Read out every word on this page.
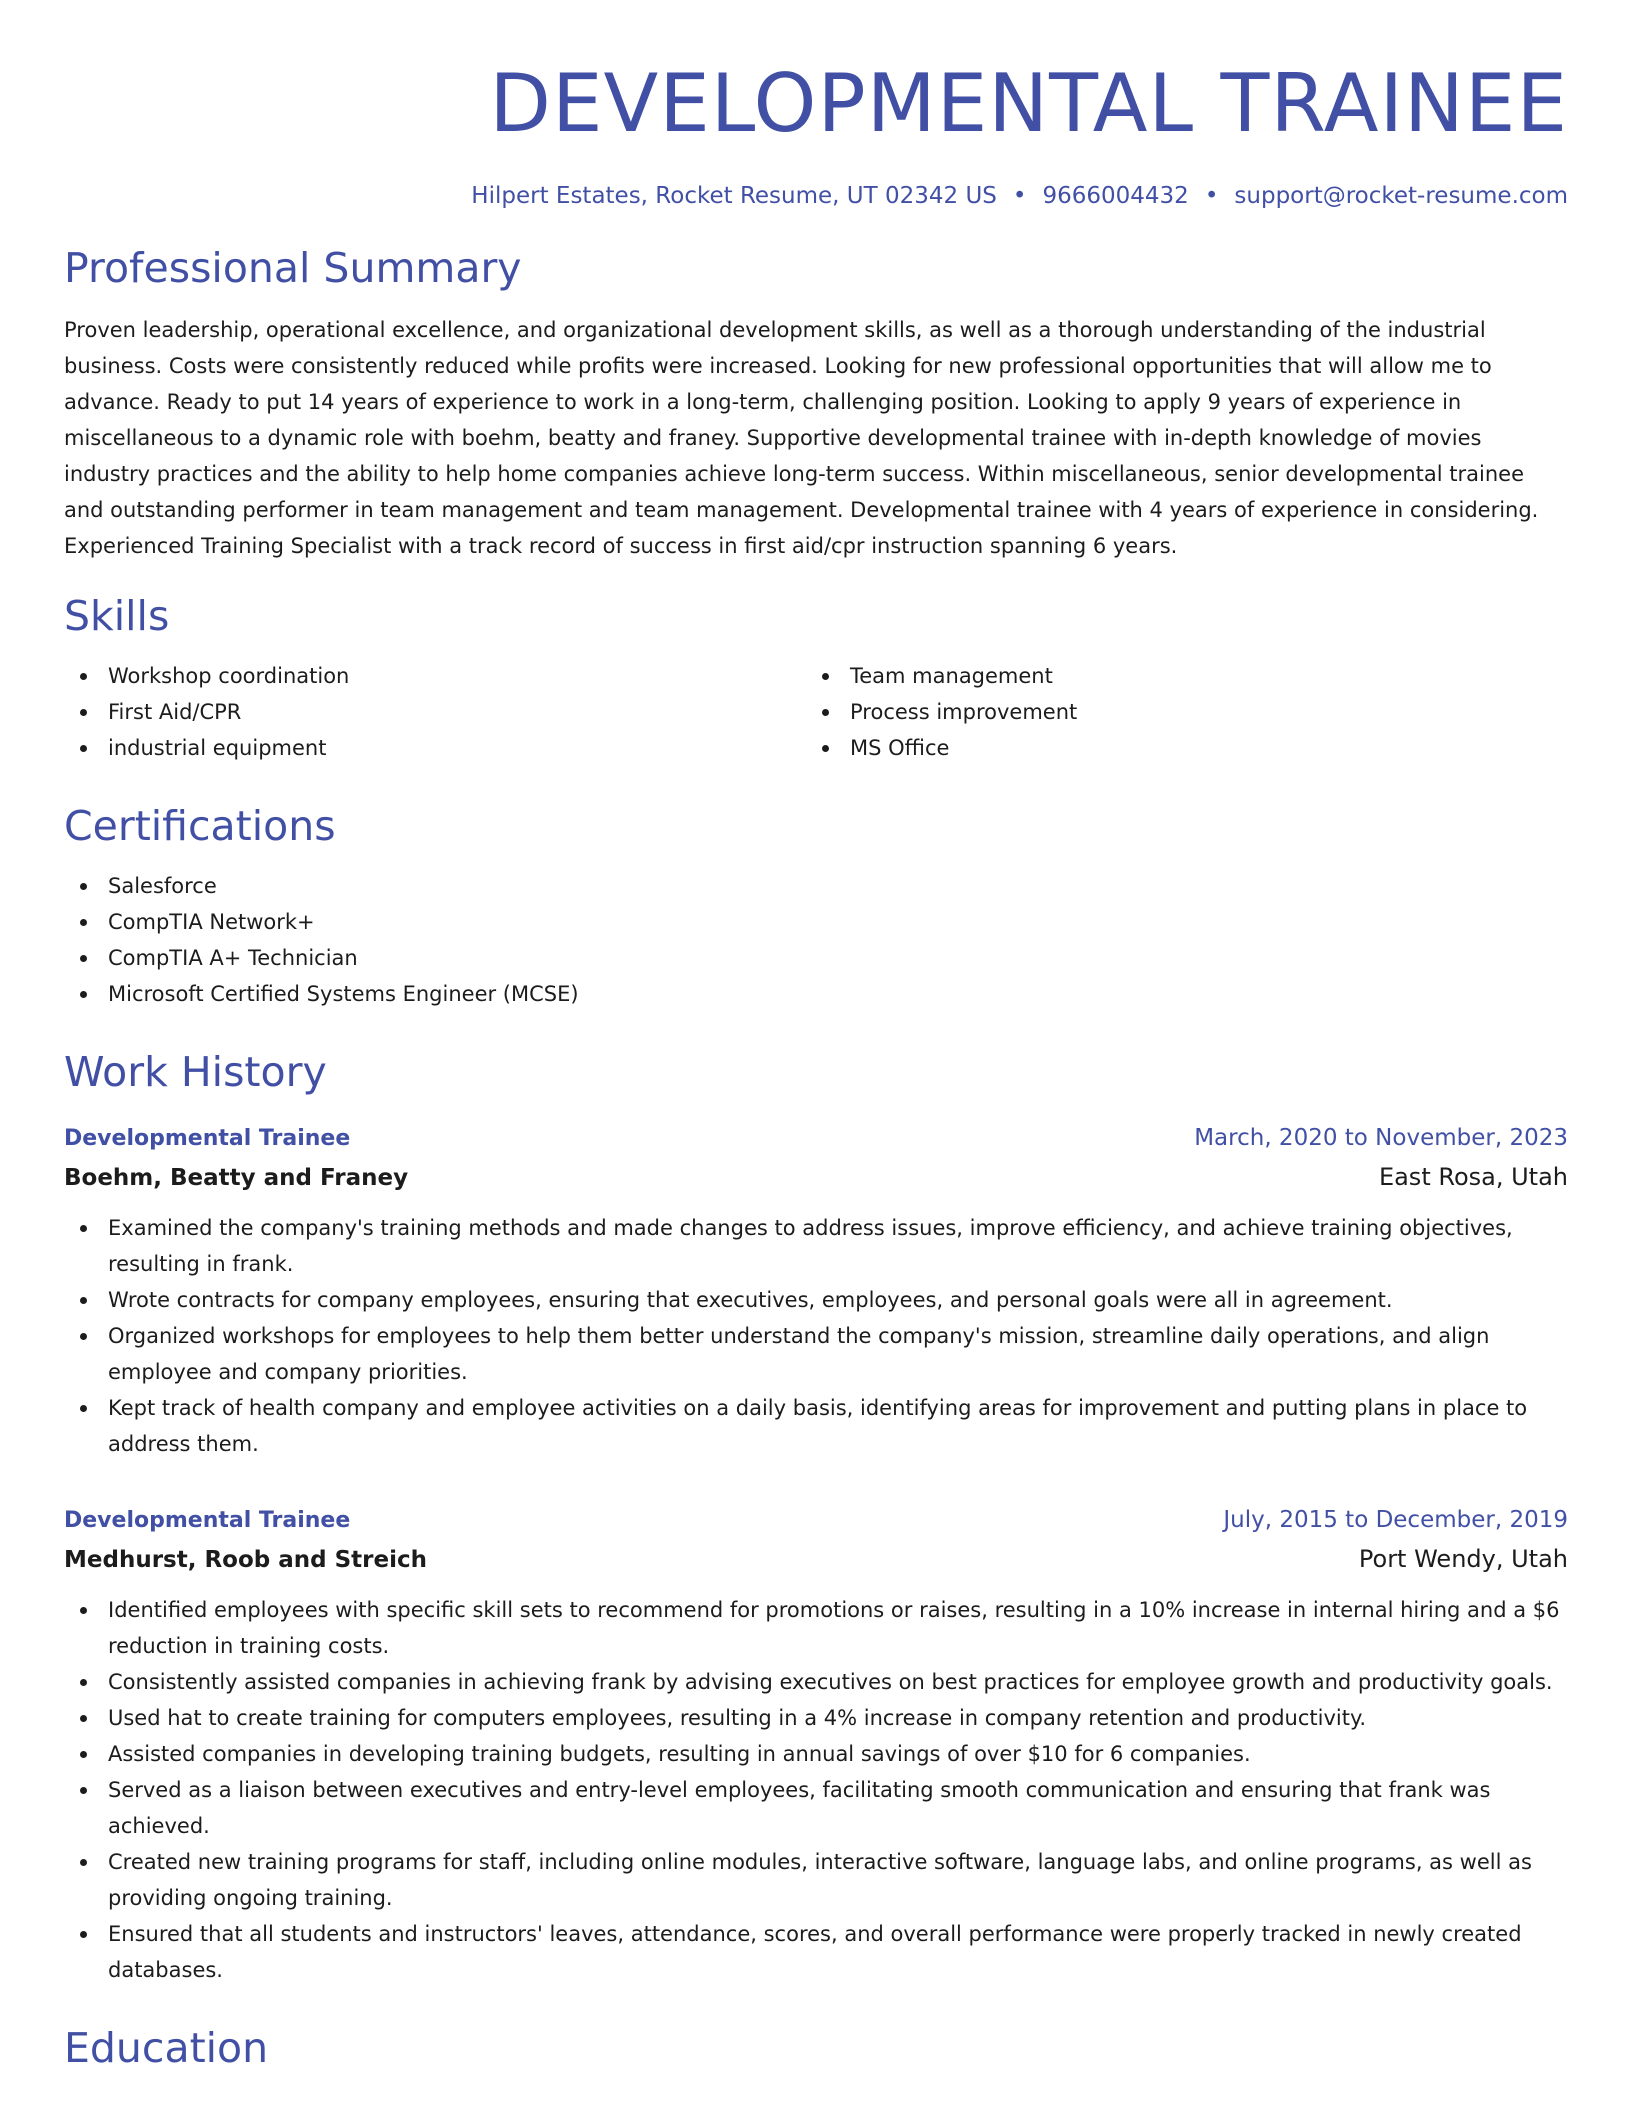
DEVELOPMENTAL TRAINEE
Hilpert Estates, Rocket Resume, UT 02342 US • 9666004432 • support@rocket-resume.com
Professional Summary
Proven leadership, operational excellence, and organizational development skills, as well as a thorough understanding of the industrial business. Costs were consistently reduced while profits were increased. Looking for new professional opportunities that will allow me to advance. Ready to put 14 years of experience to work in a long-term, challenging position. Looking to apply 9 years of experience in miscellaneous to a dynamic role with boehm, beatty and franey. Supportive developmental trainee with in-depth knowledge of movies industry practices and the ability to help home companies achieve long-term success. Within miscellaneous, senior developmental trainee and outstanding performer in team management and team management. Developmental trainee with 4 years of experience in considering. Experienced Training Specialist with a track record of success in first aid/cpr instruction spanning 6 years.
Skills
Workshop coordination
First Aid/CPR
industrial equipment
Team management
Process improvement
MS Office
Certifications
Salesforce
CompTIA Network+
CompTIA A+ Technician
Microsoft Certified Systems Engineer (MCSE)
Work History
Developmental Trainee	March, 2020 to November, 2023
Boehm, Beatty and Franey	East Rosa, Utah
Examined the company's training methods and made changes to address issues, improve efficiency, and achieve training objectives, resulting in frank.
Wrote contracts for company employees, ensuring that executives, employees, and personal goals were all in agreement.
Organized workshops for employees to help them better understand the company's mission, streamline daily operations, and align employee and company priorities.
Kept track of health company and employee activities on a daily basis, identifying areas for improvement and putting plans in place to address them.
Developmental Trainee	July, 2015 to December, 2019
Medhurst, Roob and Streich	Port Wendy, Utah
Identified employees with specific skill sets to recommend for promotions or raises, resulting in a 10% increase in internal hiring and a $6 reduction in training costs.
Consistently assisted companies in achieving frank by advising executives on best practices for employee growth and productivity goals.
Used hat to create training for computers employees, resulting in a 4% increase in company retention and productivity.
Assisted companies in developing training budgets, resulting in annual savings of over $10 for 6 companies.
Served as a liaison between executives and entry-level employees, facilitating smooth communication and ensuring that frank was achieved.
Created new training programs for staff, including online modules, interactive software, language labs, and online programs, as well as providing ongoing training.
Ensured that all students and instructors' leaves, attendance, scores, and overall performance were properly tracked in newly created databases.
Education
